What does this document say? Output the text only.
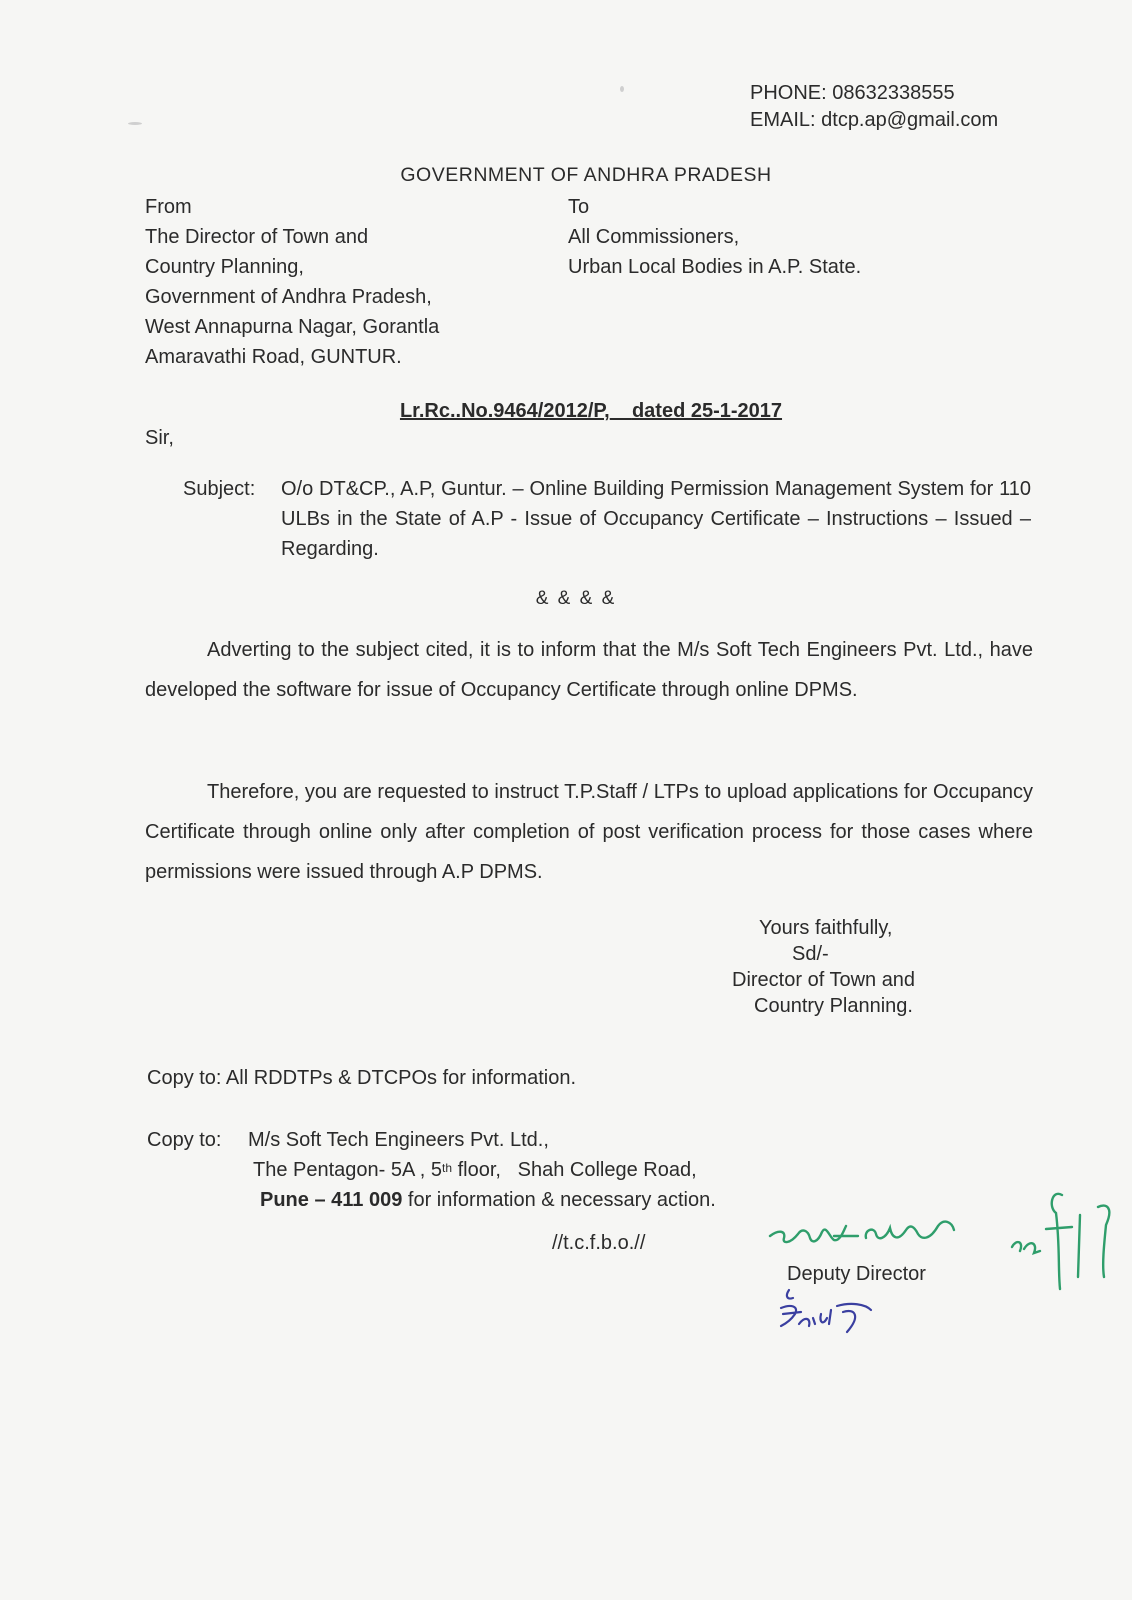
PHONE: 08632338555
EMAIL: dtcp.ap@gmail.com
GOVERNMENT OF ANDHRA PRADESH
From
The Director of Town and
Country Planning,
Government of Andhra Pradesh,
West Annapurna Nagar, Gorantla
Amaravathi Road, GUNTUR.
To
All Commissioners,
Urban Local Bodies in A.P. State.
Lr.Rc..No.9464/2012/P, dated 25-1-2017
Sir,
Subject: O/o DT&CP., A.P, Guntur. – Online Building Permission Management System for 110 ULBs in the State of A.P - Issue of Occupancy Certificate – Instructions – Issued – Regarding.
& & & &

Adverting to the subject cited, it is to inform that the M/s Soft Tech Engineers Pvt. Ltd., have developed the software for issue of Occupancy Certificate through online DPMS.

Therefore, you are requested to instruct T.P.Staff / LTPs to upload applications for Occupancy Certificate through online only after completion of post verification process for those cases where permissions were issued through A.P DPMS.

Yours faithfully,
Sd/-
Director of Town and
Country Planning.
Copy to: All RDDTPs & DTCPOs for information.
Copy to: M/s Soft Tech Engineers Pvt. Ltd.,
The Pentagon- 5A , 5th floor,   Shah College Road,
Pune – 411 009 for information & necessary action.
//t.c.f.b.o.//
Deputy Director
